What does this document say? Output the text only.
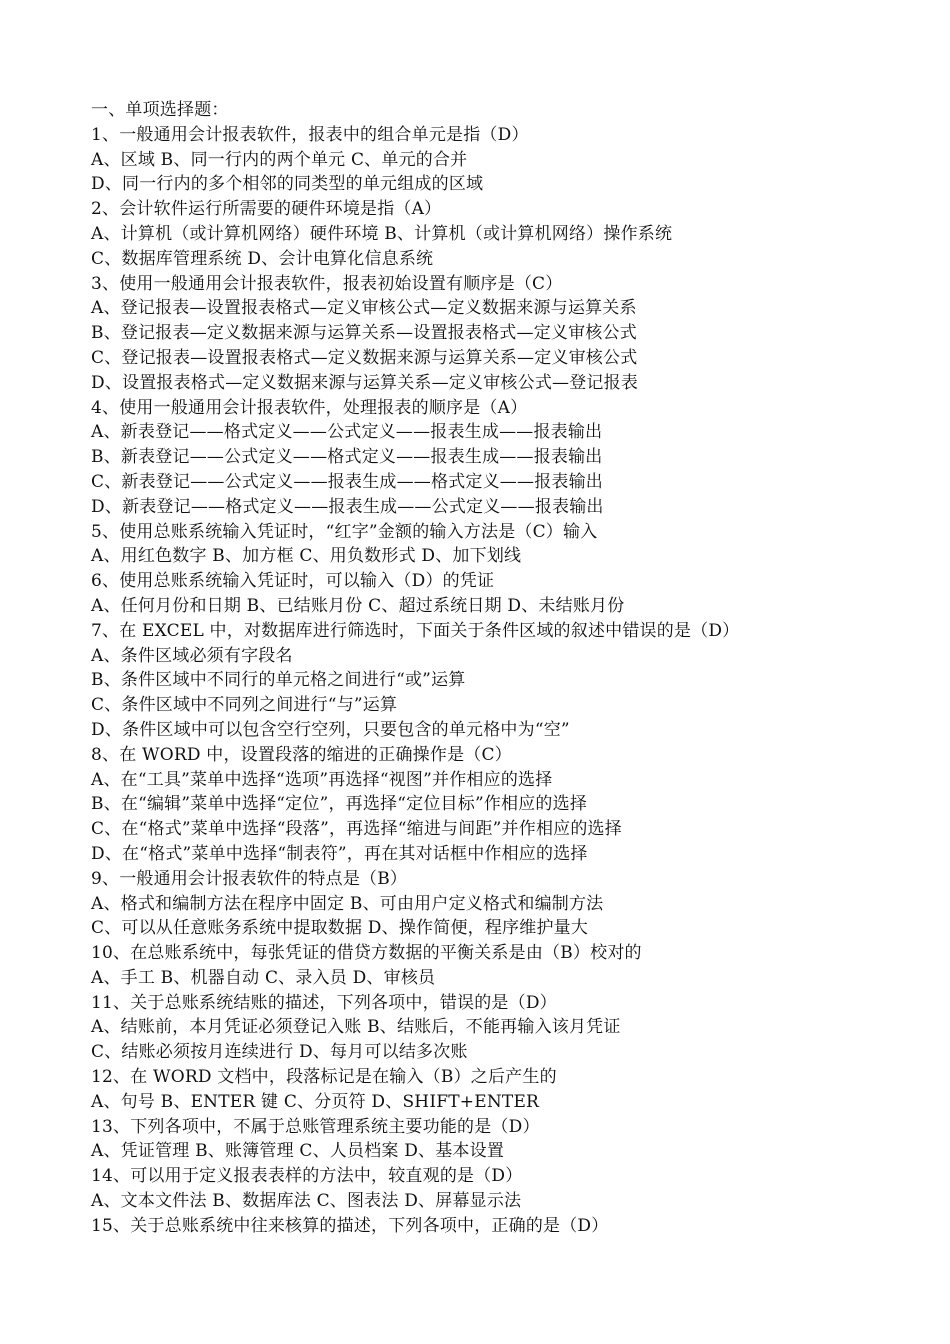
一、单项选择题：
1、一般通用会计报表软件，报表中的组合单元是指（D）
A、区域 B、同一行内的两个单元 C、单元的合并
D、同一行内的多个相邻的同类型的单元组成的区域
2、会计软件运行所需要的硬件环境是指（A）
A、计算机（或计算机网络）硬件环境 B、计算机（或计算机网络）操作系统
C、数据库管理系统 D、会计电算化信息系统
3、使用一般通用会计报表软件，报表初始设置有顺序是（C）
A、登记报表—设置报表格式—定义审核公式—定义数据来源与运算关系
B、登记报表—定义数据来源与运算关系—设置报表格式—定义审核公式
C、登记报表—设置报表格式—定义数据来源与运算关系—定义审核公式
D、设置报表格式—定义数据来源与运算关系—定义审核公式—登记报表
4、使用一般通用会计报表软件，处理报表的顺序是（A）
A、新表登记——格式定义——公式定义——报表生成——报表输出
B、新表登记——公式定义——格式定义——报表生成——报表输出
C、新表登记——公式定义——报表生成——格式定义——报表输出
D、新表登记——格式定义——报表生成——公式定义——报表输出
5、使用总账系统输入凭证时，“红字”金额的输入方法是（C）输入
A、用红色数字 B、加方框 C、用负数形式 D、加下划线
6、使用总账系统输入凭证时，可以输入（D）的凭证
A、任何月份和日期 B、已结账月份 C、超过系统日期 D、未结账月份
7、在 EXCEL 中，对数据库进行筛选时，下面关于条件区域的叙述中错误的是（D）
A、条件区域必须有字段名
B、条件区域中不同行的单元格之间进行“或”运算
C、条件区域中不同列之间进行“与”运算
D、条件区域中可以包含空行空列，只要包含的单元格中为“空”
8、在 WORD 中，设置段落的缩进的正确操作是（C）
A、在“工具”菜单中选择“选项”再选择“视图”并作相应的选择
B、在“编辑”菜单中选择“定位”，再选择“定位目标”作相应的选择
C、在“格式”菜单中选择“段落”，再选择“缩进与间距”并作相应的选择
D、在“格式”菜单中选择“制表符”，再在其对话框中作相应的选择
9、一般通用会计报表软件的特点是（B）
A、格式和编制方法在程序中固定 B、可由用户定义格式和编制方法
C、可以从任意账务系统中提取数据 D、操作简便，程序维护量大
10、在总账系统中，每张凭证的借贷方数据的平衡关系是由（B）校对的
A、手工 B、机器自动 C、录入员 D、审核员
11、关于总账系统结账的描述，下列各项中，错误的是（D）
A、结账前，本月凭证必须登记入账 B、结账后，不能再输入该月凭证
C、结账必须按月连续进行 D、每月可以结多次账
12、在 WORD 文档中，段落标记是在输入（B）之后产生的
A、句号 B、ENTER 键 C、分页符 D、SHIFT+ENTER
13、下列各项中，不属于总账管理系统主要功能的是（D）
A、凭证管理 B、账簿管理 C、人员档案 D、基本设置
14、可以用于定义报表表样的方法中，较直观的是（D）
A、文本文件法 B、数据库法 C、图表法 D、屏幕显示法
15、关于总账系统中往来核算的描述，下列各项中，正确的是（D）
